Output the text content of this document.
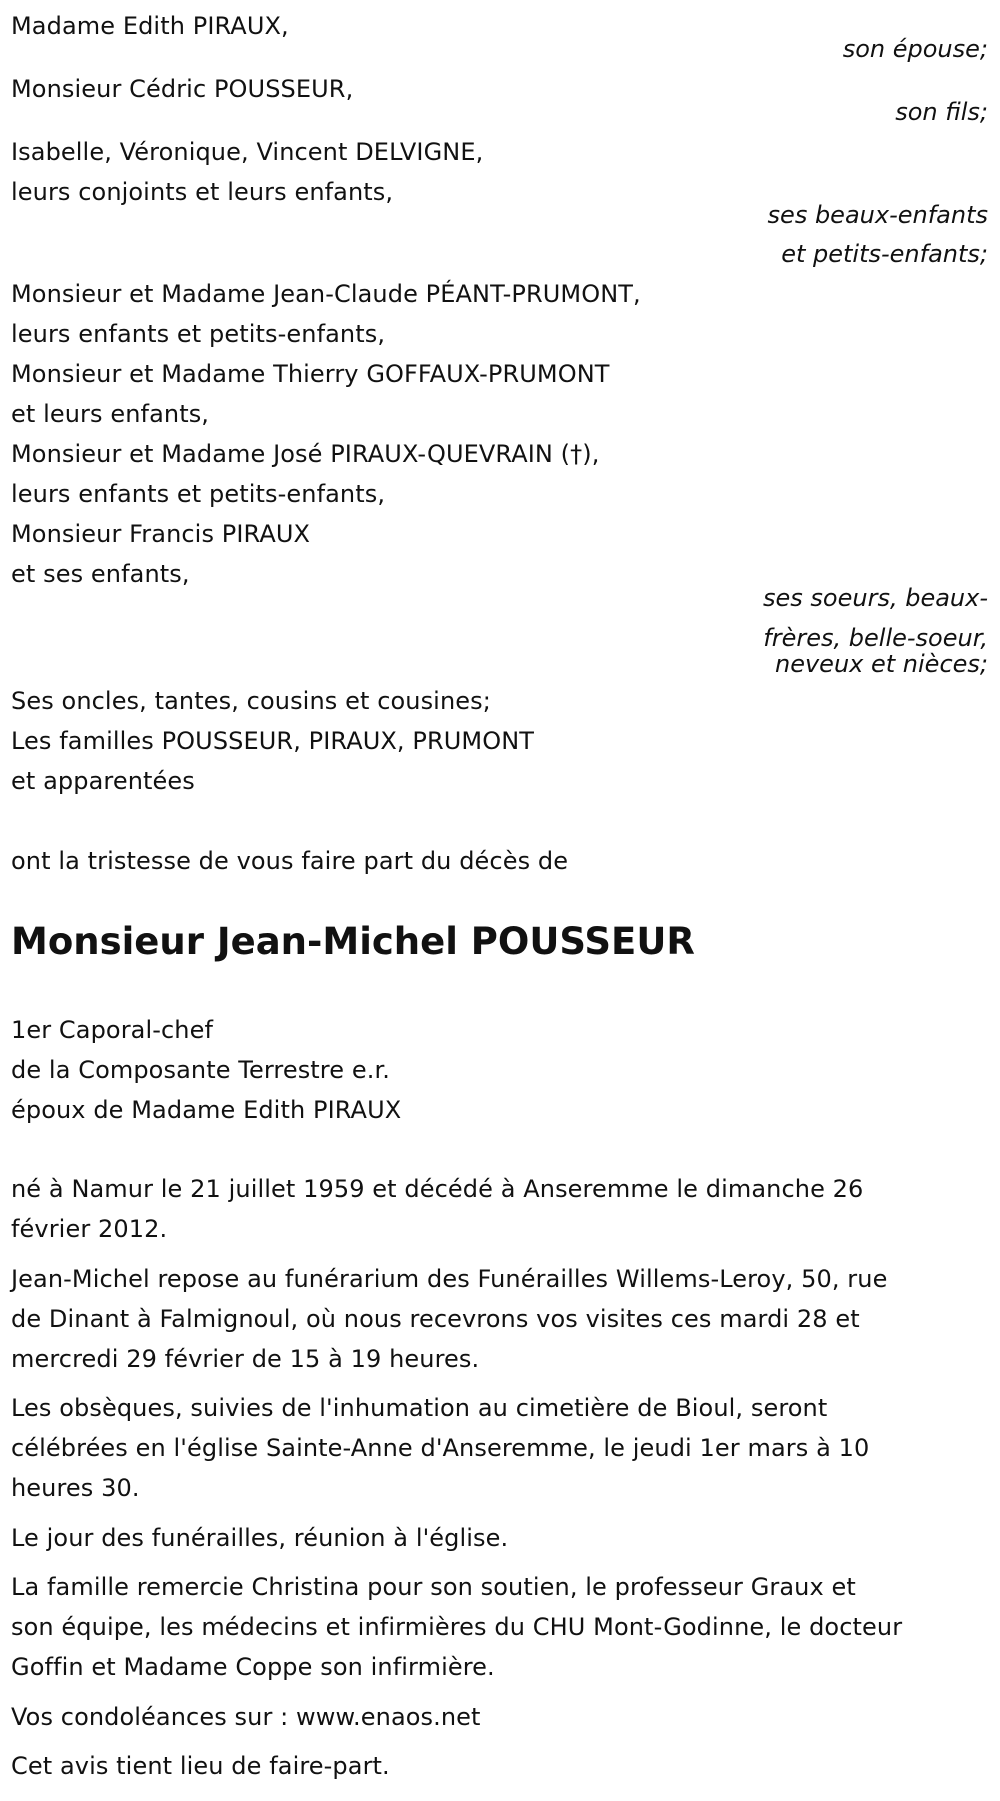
Madame Edith PIRAUX,
son épouse;
Monsieur Cédric POUSSEUR,
son fils;
Isabelle, Véronique, Vincent DELVIGNE,
leurs conjoints et leurs enfants,
ses beaux-enfants
et petits-enfants;
Monsieur et Madame Jean-Claude PÉANT-PRUMONT,
leurs enfants et petits-enfants,
Monsieur et Madame Thierry GOFFAUX-PRUMONT
et leurs enfants,
Monsieur et Madame José PIRAUX-QUEVRAIN (†),
leurs enfants et petits-enfants,
Monsieur Francis PIRAUX
et ses enfants,
ses soeurs, beaux-
frères, belle-soeur,
neveux et nièces;
Ses oncles, tantes, cousins et cousines;
Les familles POUSSEUR, PIRAUX, PRUMONT
et apparentées
ont la tristesse de vous faire part du décès de
Monsieur Jean-Michel POUSSEUR
1er Caporal-chef
de la Composante Terrestre e.r.
époux de Madame Edith PIRAUX
né à Namur le 21 juillet 1959 et décédé à Anseremme le dimanche 26
février 2012.
Jean-Michel repose au funérarium des Funérailles Willems-Leroy, 50, rue
de Dinant à Falmignoul, où nous recevrons vos visites ces mardi 28 et
mercredi 29 février de 15 à 19 heures.
Les obsèques, suivies de l'inhumation au cimetière de Bioul, seront
célébrées en l'église Sainte-Anne d'Anseremme, le jeudi 1er mars à 10
heures 30.
Le jour des funérailles, réunion à l'église.
La famille remercie Christina pour son soutien, le professeur Graux et
son équipe, les médecins et infirmières du CHU Mont-Godinne, le docteur
Goffin et Madame Coppe son infirmière.
Vos condoléances sur : www.enaos.net
Cet avis tient lieu de faire-part.
